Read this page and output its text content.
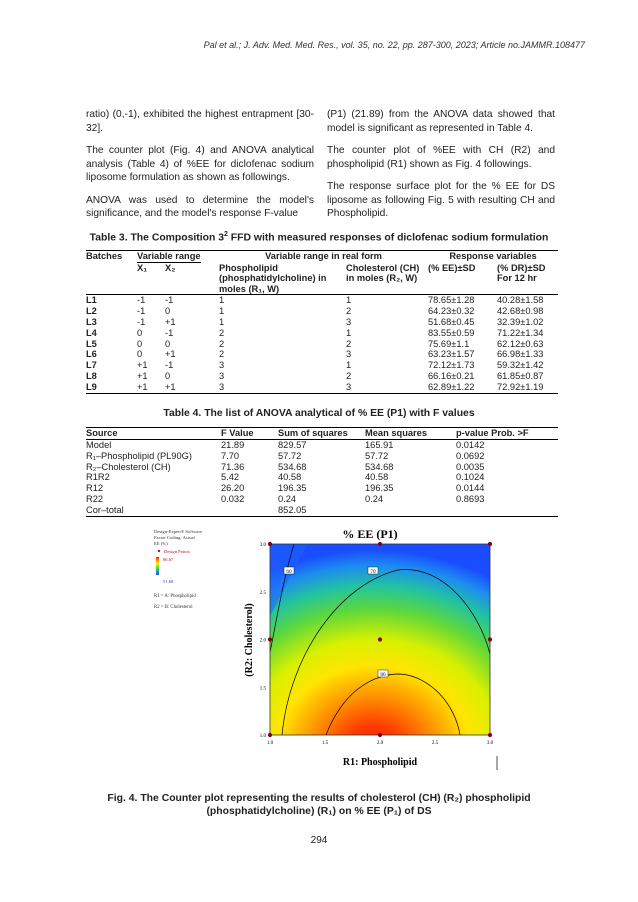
Pal et al.; J. Adv. Med. Med. Res., vol. 35, no. 22, pp. 287-300, 2023; Article no.JAMMR.108477

ratio) (0,-1), exhibited the highest entrapment [30-32].

The counter plot (Fig. 4) and ANOVA analytical analysis (Table 4) of %EE for diclofenac sodium liposome formulation as shown as followings.

ANOVA was used to determine the model's significance, and the model's response F-value

(P1) (21.89) from the ANOVA data showed that model is significant as represented in Table 4.

The counter plot of %EE with CH (R2) and phospholipid (R1) shown as Fig. 4 followings.

The response surface plot for the % EE for DS liposome as following Fig. 5 with resulting CH and Phospholipid.

Table 3. The Composition $3^2$ FFD with measured responses of diclofenac sodium formulation
Batches	Variable range		Variable range in real form		Response variables	
	X₁	X₂	Phospholipid (phosphatidylcholine) in moles (R₁, W)	Cholesterol (CH) in moles (R₂, W)	(% EE)±SD	(% DR)±SD For 12 hr
L1	-1	-1	1	1	78.65±1.28	40.28±1.58
L2	-1	0	1	2	64.23±0.32	42.68±0.98
L3	-1	+1	1	3	51.68±0.45	32.39±1.02
L4	0	-1	2	1	83.55±0.59	71.22±1.34
L5	0	0	2	2	75.69±1.1	62.12±0.63
L6	0	+1	2	3	63.23±1.57	66.98±1.33
L7	+1	-1	3	1	72.12±1.73	59.32±1.42
L8	+1	0	3	2	66.16±0.21	61.85±0.87
L9	+1	+1	3	3	62.89±1.22	72.92±1.19
Table 4. The list of ANOVA analytical of % EE (P1) with F values
Source	F Value	Sum of squares	Mean squares	p-value Prob. >F
Model	21.89	829.57	165.91	0.0142
R₁–Phospholipid (PL90G)	7.70	57.72	57.72	0.0692
R₂–Cholesterol (CH)	71.36	534.68	534.68	0.0035
R1R2	5.42	40.58	40.58	0.1024
R12	26.20	196.35	196.35	0.0144
R22	0.032	0.24	0.24	0.8693
Cor–total		852.05		
% EE (P1)
Design-Expert® Software
Factor Coding: Actual
EE (%)
Design Points
86.67
51.68
R1 = A: Phospholipid
R2 = B: Cholesterol
60	70
80
1.0	1.5	2.0	2.5	3.0
1.0
1.5
2.0
2.5
3.0
R1: Phospholipid
(R2: Cholesterol)
Fig. 4. The Counter plot representing the results of cholesterol (CH) (R₂) phospholipid
(phosphatidylcholine) (R₁) on % EE (P₁) of DS
294
